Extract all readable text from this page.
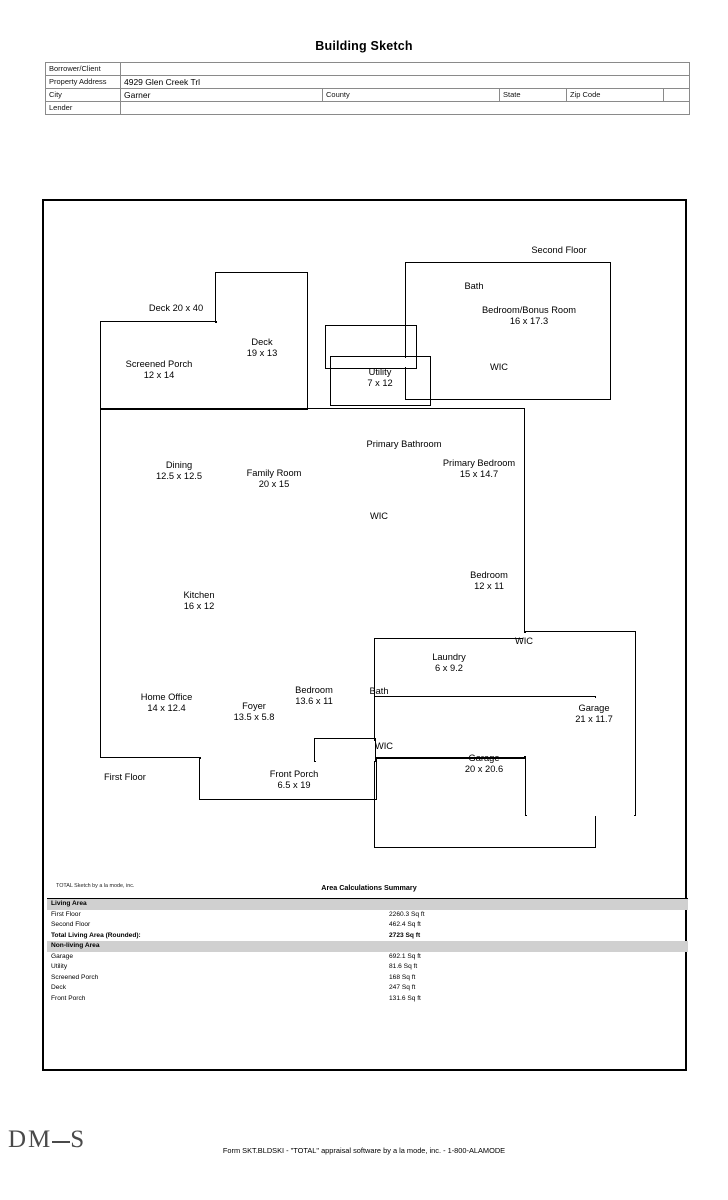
Building Sketch
Borrower/Client					
Property Address	4929 Glen Creek Trl				
City	Garner	County	State	Zip Code	
Lender					
Second Floor
Bath
Bedroom/Bonus Room
16 x 17.3
WIC
Utility
7 x 12
Deck 20 x 40
Deck
19 x 13
Screened Porch
12 x 14
Primary Bathroom
Primary Bedroom
15 x 14.7
Dining
12.5 x 12.5	Family Room
20 x 15
WIC
Bedroom
12 x 11
Kitchen
16 x 12
WIC
Laundry
6 x 9.2
Home Office
14 x 12.4	Foyer
13.5 x 5.8
Bedroom
13.6 x 11
Bath
Garage
21 x 11.7
WIC
Garage
20 x 20.6
Front Porch
6.5 x 19
First Floor
TOTAL Sketch by a la mode, inc.	Area Calculations Summary
Living Area	
First Floor	2260.3 Sq ft
Second Floor	462.4 Sq ft
Total Living Area (Rounded):	2723 Sq ft
Non-living Area	
Garage	692.1 Sq ft
Utility	81.6 Sq ft
Screened Porch	168 Sq ft
Deck	247 Sq ft
Front Porch	131.6 Sq ft
DM S	Form SKT.BLDSKI - "TOTAL" appraisal software by a la mode, inc. - 1-800-ALAMODE
